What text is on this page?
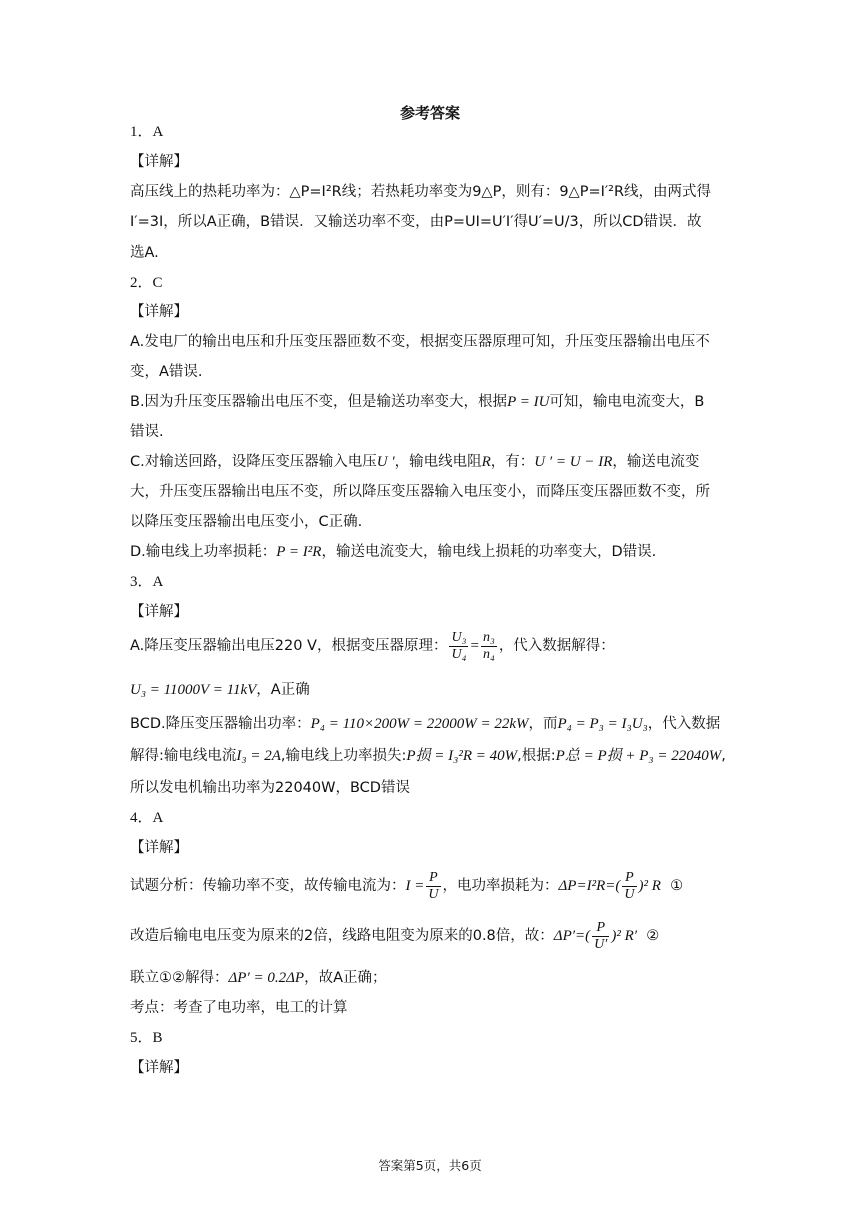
参考答案
1．A
【详解】
高压线上的热耗功率为：△P=I²R线；若热耗功率变为9△P，则有：9△P=I′²R线，由两式得
I′=3I，所以A正确，B错误．又输送功率不变，由P=UI=U′I′得U′=U/3，所以CD错误．故
选A.
2．C
【详解】
A.发电厂的输出电压和升压变压器匝数不变，根据变压器原理可知，升压变压器输出电压不
变，A错误.
B.因为升压变压器输出电压不变，但是输送功率变大，根据P = IU可知，输电电流变大，B
错误.
C.对输送回路，设降压变压器输入电压U ′，输电线电阻R，有：U ′ = U − IR，输送电流变
大，升压变压器输出电压不变，所以降压变压器输入电压变小，而降压变压器匝数不变，所
以降压变压器输出电压变小，C正确.
D.输电线上功率损耗：P = I²R，输送电流变大，输电线上损耗的功率变大，D错误.
3．A
【详解】
A.降压变压器输出电压220 V，根据变压器原理： $\frac{\text{U₃}}{\text{U₄}} = \frac{\text{n₃}}{\text{n₄}}$ ，代入数据解得：
U₃ = 11000V = 11kV，A正确
BCD.降压变压器输出功率：P₄ = 110×200W = 22000W = 22kW，而P₄ = P₃ = I₃U₃，代入数据
解得:输电线电流I₃ = 2A,输电线上功率损失:P损 = I₃²R = 40W,根据:P总 = P损 + P₃ = 22040W,
所以发电机输出功率为22040W，BCD错误
4．A
【详解】
试题分析：传输功率不变，故传输电流为：$I = \frac{P}{U}$ ，电功率损耗为：$\Delta P=I^2R=( \frac{P}{U} )^2$ R ①
改造后输电电压变为原来的2倍，线路电阻变为原来的0.8倍，故：$\Delta P'=( \frac{P}{U'} )^2$ R′ ②
联立①②解得：ΔP′ = 0.2ΔP，故A正确；
考点：考查了电功率，电工的计算
5．B
【详解】
答案第5页，共6页
